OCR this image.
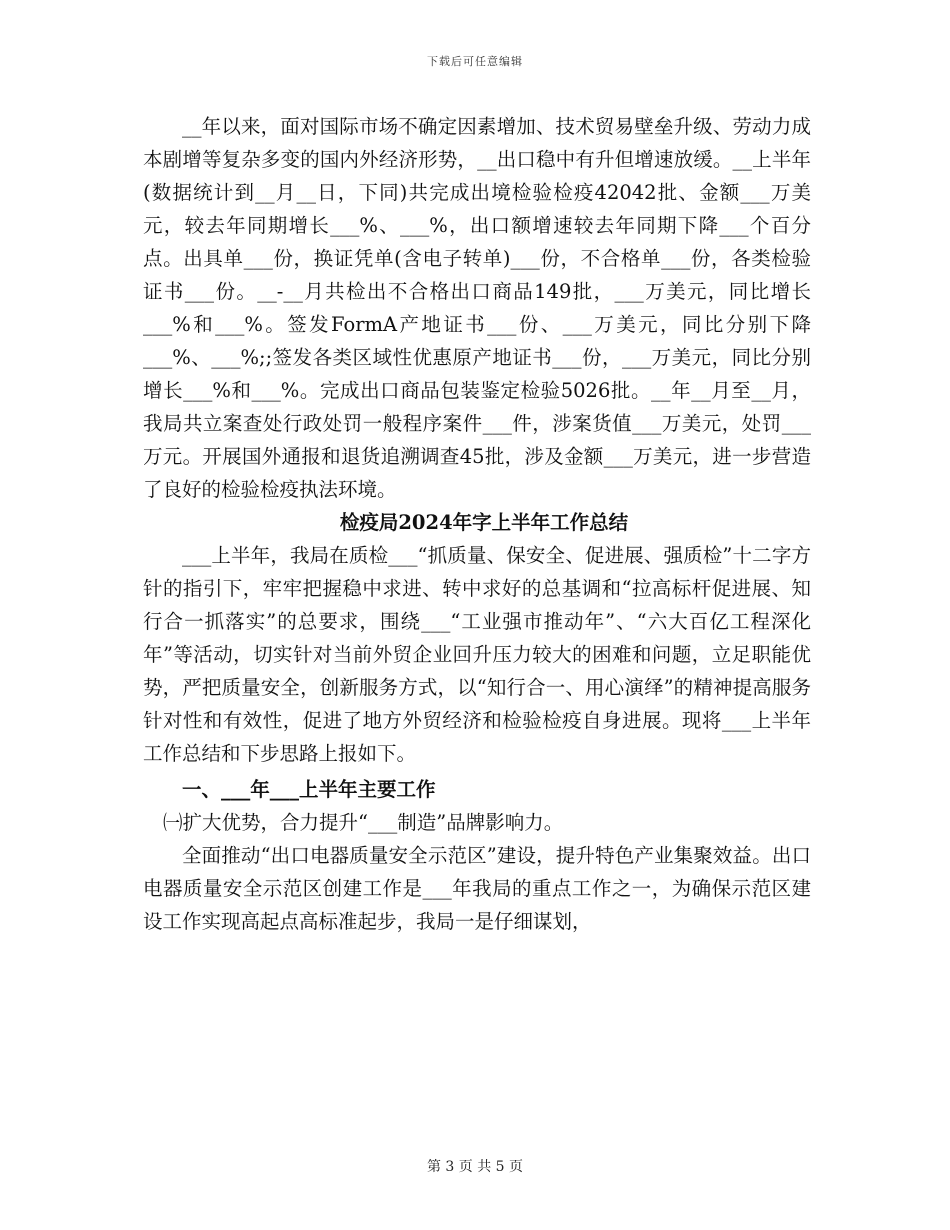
下载后可任意编辑

__年以来，面对国际市场不确定因素增加、技术贸易壁垒升级、劳动力成本剧增等复杂多变的国内外经济形势，__出口稳中有升但增速放缓。__上半年(数据统计到__月__日，下同)共完成出境检验检疫42042批、金额___万美元，较去年同期增长___%、___%，出口额增速较去年同期下降___个百分点。出具单___份，换证凭单(含电子转单)___份，不合格单___份，各类检验证书___份。__-__月共检出不合格出口商品149批，___万美元，同比增长___%和___%。签发FormA产地证书___份、___万美元，同比分别下降___%、___%;;签发各类区域性优惠原产地证书___份，___万美元，同比分别增长___%和___%。完成出口商品包装鉴定检验5026批。__年__月至__月，我局共立案查处行政处罚一般程序案件___件，涉案货值___万美元，处罚___万元。开展国外通报和退货追溯调查45批，涉及金额___万美元，进一步营造了良好的检验检疫执法环境。

检疫局2024年字上半年工作总结

___上半年，我局在质检___“抓质量、保安全、促进展、强质检”十二字方针的指引下，牢牢把握稳中求进、转中求好的总基调和“拉高标杆促进展、知行合一抓落实”的总要求，围绕___“工业强市推动年”、“六大百亿工程深化年”等活动，切实针对当前外贸企业回升压力较大的困难和问题，立足职能优势，严把质量安全，创新服务方式，以“知行合一、用心演绎”的精神提高服务针对性和有效性，促进了地方外贸经济和检验检疫自身进展。现将___上半年工作总结和下步思路上报如下。

一、___年___上半年主要工作

㈠扩大优势，合力提升“___制造”品牌影响力。

全面推动“出口电器质量安全示范区”建设，提升特色产业集聚效益。出口电器质量安全示范区创建工作是___年我局的重点工作之一，为确保示范区建设工作实现高起点高标准起步，我局一是仔细谋划，

第 3 页 共 5 页
